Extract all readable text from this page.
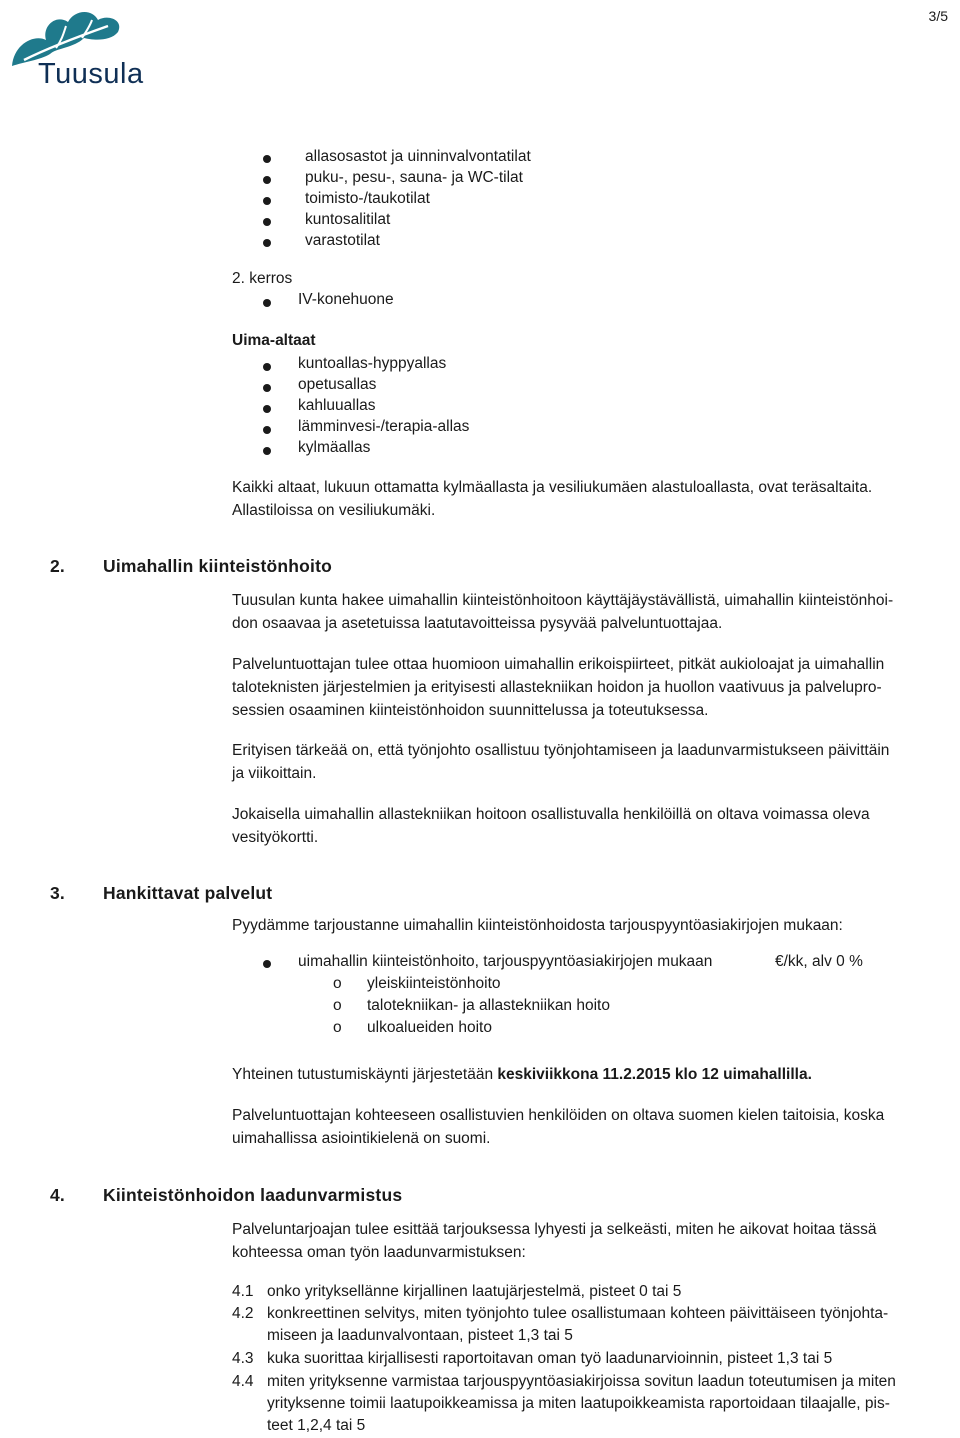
Tuusula
3/5
allasosastot ja uinninvalvontatilat
puku-, pesu-, sauna- ja WC-tilat
toimisto-/taukotilat
kuntosalitilat
varastotilat
2. kerros
IV-konehuone
Uima-altaat
kuntoallas-hyppyallas
opetusallas
kahluuallas
lämminvesi-/terapia-allas
kylmäallas
Kaikki altaat, lukuun ottamatta kylmäallasta ja vesiliukumäen alastuloallasta, ovat teräsaltaita.
Allastiloissa on vesiliukumäki.
2. Uimahallin kiinteistönhoito
Tuusulan kunta hakee uimahallin kiinteistönhoitoon käyttäjäystävällistä, uimahallin kiinteistönhoi-
don osaavaa ja asetetuissa laatutavoitteissa pysyvää palveluntuottajaa.
Palveluntuottajan tulee ottaa huomioon uimahallin erikoispiirteet, pitkät aukioloajat ja uimahallin
taloteknisten järjestelmien ja erityisesti allastekniikan hoidon ja huollon vaativuus ja palvelupro-
sessien osaaminen kiinteistönhoidon suunnittelussa ja toteutuksessa.
Erityisen tärkeää on, että työnjohto osallistuu työnjohtamiseen ja laadunvarmistukseen päivittäin
ja viikoittain.
Jokaisella uimahallin allastekniikan hoitoon osallistuvalla henkilöillä on oltava voimassa oleva
vesityökortti.
3. Hankittavat palvelut
Pyydämme tarjoustanne uimahallin kiinteistönhoidosta tarjouspyyntöasiakirjojen mukaan:
uimahallin kiinteistönhoito, tarjouspyyntöasiakirjojen mukaan	€/kk, alv 0 %
o yleiskiinteistönhoito
o talotekniikan- ja allastekniikan hoito
o ulkoalueiden hoito
Yhteinen tutustumiskäynti järjestetään keskiviikkona 11.2.2015 klo 12 uimahallilla.
Palveluntuottajan kohteeseen osallistuvien henkilöiden on oltava suomen kielen taitoisia, koska
uimahallissa asiointikielenä on suomi.
4. Kiinteistönhoidon laadunvarmistus
Palveluntarjoajan tulee esittää tarjouksessa lyhyesti ja selkeästi, miten he aikovat hoitaa tässä
kohteessa oman työn laadunvarmistuksen:
4.1 onko yrityksellänne kirjallinen laatujärjestelmä, pisteet 0 tai 5
4.2 konkreettinen selvitys, miten työnjohto tulee osallistumaan kohteen päivittäiseen työnjohta-
miseen ja laadunvalvontaan, pisteet 1,3 tai 5
4.3 kuka suorittaa kirjallisesti raportoitavan oman työ laadunarvioinnin, pisteet 1,3 tai 5
4.4 miten yrityksenne varmistaa tarjouspyyntöasiakirjoissa sovitun laadun toteutumisen ja miten
yrityksenne toimii laatupoikkeamissa ja miten laatupoikkeamista raportoidaan tilaajalle, pis-
teet 1,2,4 tai 5
